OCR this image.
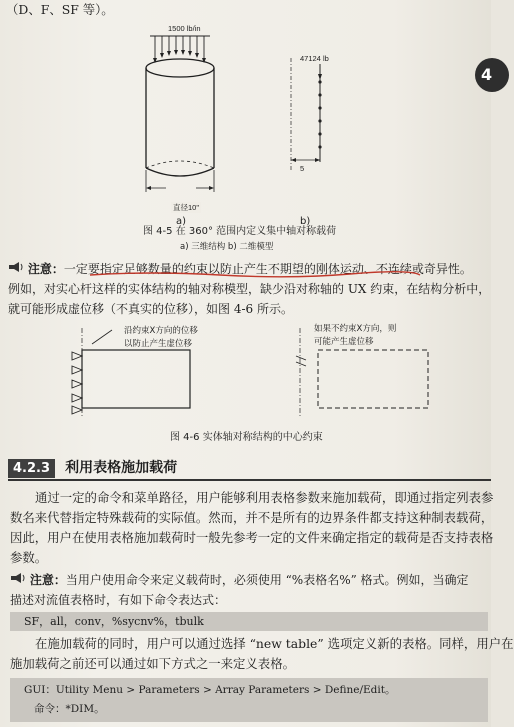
4
（D、F、SF 等）。
1500 lb/in
47124 lb
直径10"
5
a)	b)
图 4-5 在 360° 范围内定义集中轴对称载荷
a) 三维结构 b) 二维模型
注意：一定要指定足够数量的约束以防止产生不期望的刚体运动、不连续或奇异性。
例如，对实心杆这样的实体结构的轴对称模型，缺少沿对称轴的 UX 约束，在结构分析中，
就可能形成虚位移（不真实的位移），如图 4-6 所示。
沿约束X方向的位移
以防止产生虚位移
如果不约束X方向，则
可能产生虚位移
图 4-6 实体轴对称结构的中心约束
4.2.3 利用表格施加载荷
通过一定的命令和菜单路径，用户能够利用表格参数来施加载荷，即通过指定列表参
数名来代替指定特殊载荷的实际值。然而，并不是所有的边界条件都支持这种制表载荷，
因此，用户在使用表格施加载荷时一般先参考一定的文件来确定指定的载荷是否支持表格
参数。
注意：当用户使用命令来定义载荷时，必须使用 “%表格名%” 格式。例如，当确定
描述对流值表格时，有如下命令表达式：
SF，all，conv，%sycnv%，tbulk
在施加载荷的同时，用户可以通过选择 “new table” 选项定义新的表格。同样，用户在
施加载荷之前还可以通过如下方式之一来定义表格。
GUI：Utility Menu > Parameters > Array Parameters > Define/Edit。
命令：*DIM。
